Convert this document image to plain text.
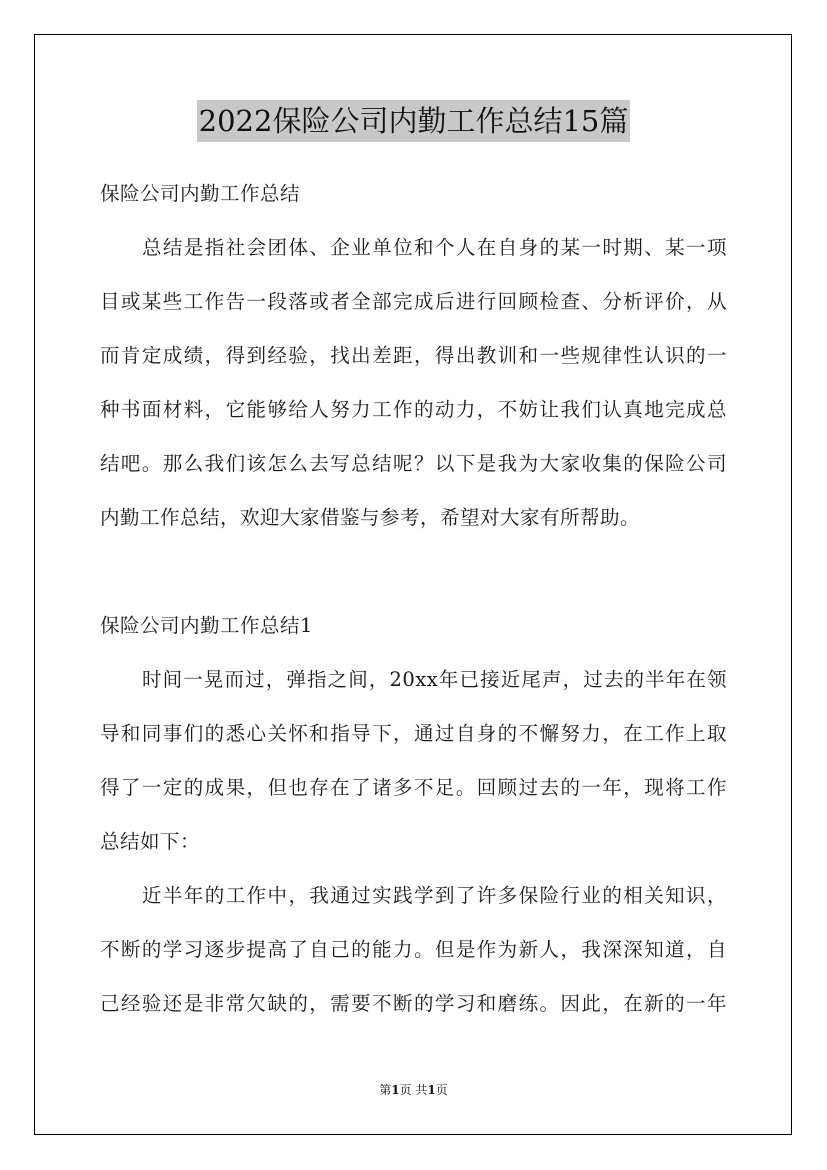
2022保险公司内勤工作总结15篇
保险公司内勤工作总结
总结是指社会团体、企业单位和个人在自身的某一时期、某一项
目或某些工作告一段落或者全部完成后进行回顾检查、分析评价，从
而肯定成绩，得到经验，找出差距，得出教训和一些规律性认识的一
种书面材料，它能够给人努力工作的动力，不妨让我们认真地完成总
结吧。那么我们该怎么去写总结呢？以下是我为大家收集的保险公司
内勤工作总结，欢迎大家借鉴与参考，希望对大家有所帮助。
保险公司内勤工作总结1
时间一晃而过，弹指之间，20xx年已接近尾声，过去的半年在领
导和同事们的悉心关怀和指导下，通过自身的不懈努力，在工作上取
得了一定的成果，但也存在了诸多不足。回顾过去的一年，现将工作
总结如下：
近半年的工作中，我通过实践学到了许多保险行业的相关知识，
不断的学习逐步提高了自己的能力。但是作为新人，我深深知道，自
己经验还是非常欠缺的，需要不断的学习和磨练。因此，在新的一年
第1页 共1页
